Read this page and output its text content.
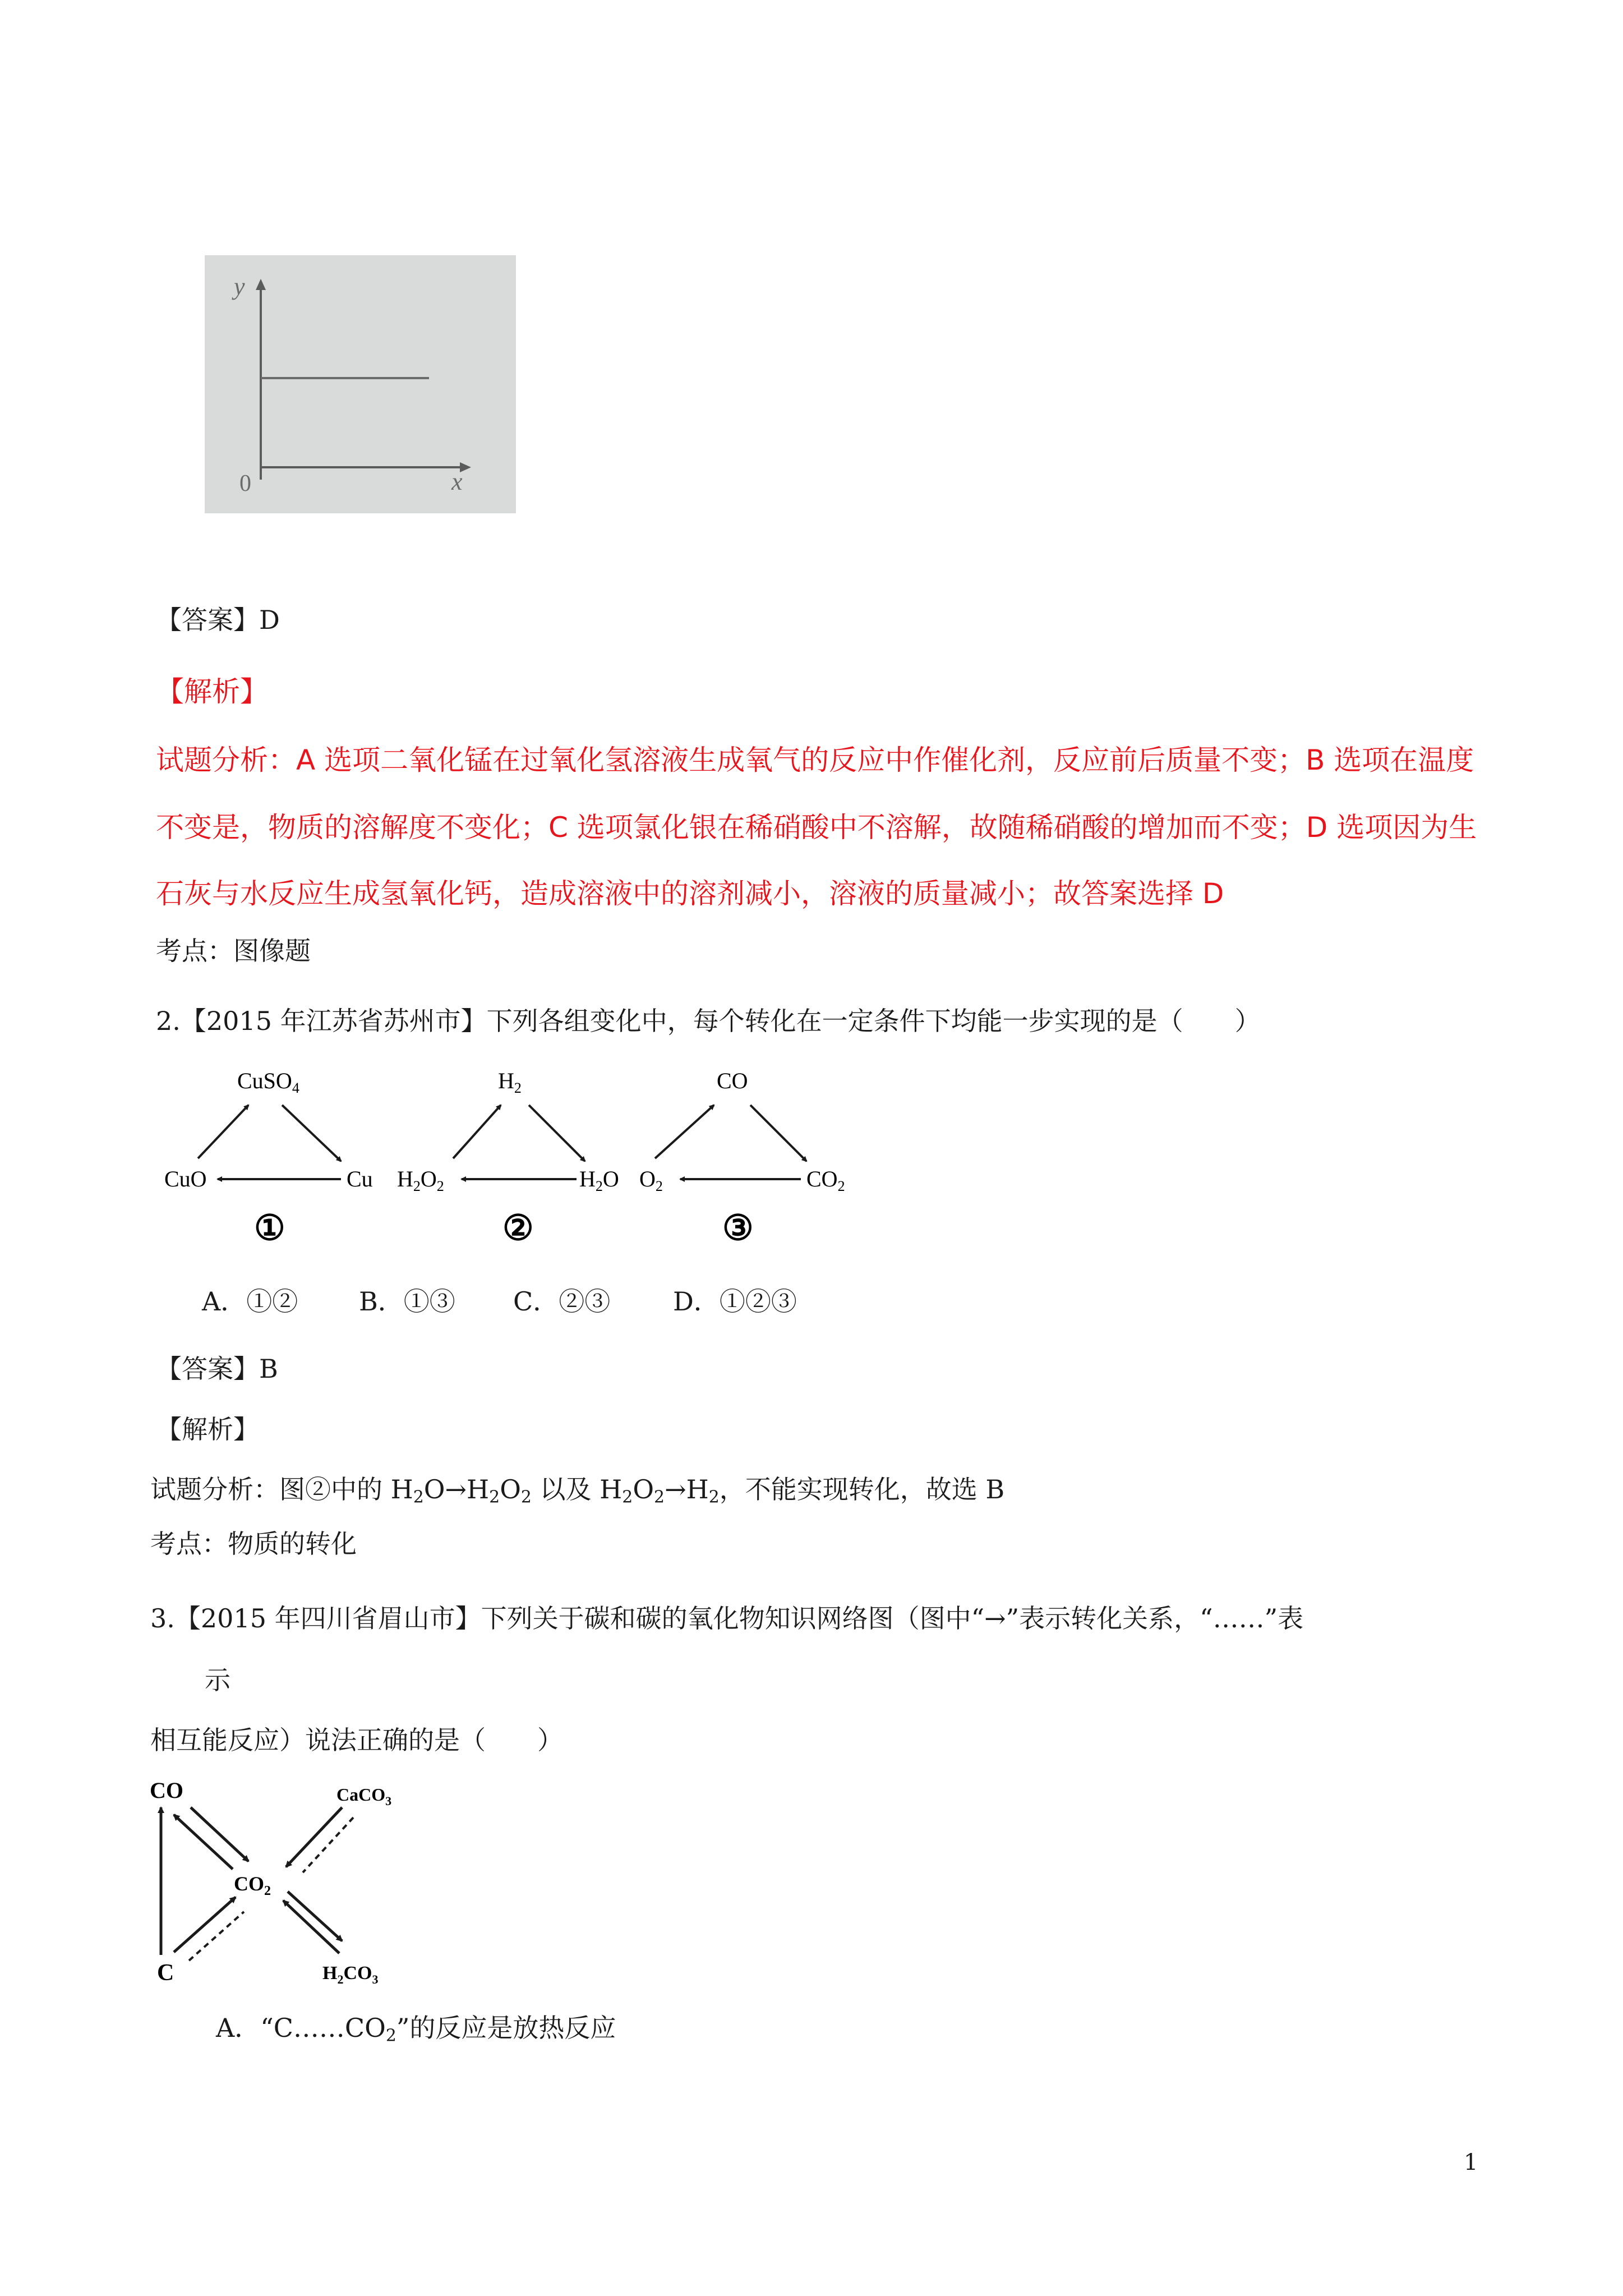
y
x
0
【答案】D
【解析】
试题分析：A 选项二氧化锰在过氧化氢溶液生成氧气的反应中作催化剂，反应前后质量不变；B 选项在温度
不变是，物质的溶解度不变化；C 选项氯化银在稀硝酸中不溶解，故随稀硝酸的增加而不变；D 选项因为生
石灰与水反应生成氢氧化钙，造成溶液中的溶剂减小，溶液的质量减小；故答案选择 D
考点：图像题
2.【2015 年江苏省苏州市】下列各组变化中，每个转化在一定条件下均能一步实现的是（　　）
CuSO$_4$
CuO	Cu
①
$H_2$
$H_2O_2$	$H_2O$
②
CO
$O_2$	$CO_2$
③
A．①② B．①③ C．②③ D．①②③
【答案】B
【解析】
试题分析：图②中的 $H_2O\to H_2O_2$ 以及 $H_2O_2\to H_2$，不能实现转化，故选 B
考点：物质的转化
3.【2015 年四川省眉山市】下列关于碳和碳的氧化物知识网络图（图中“→”表示转化关系，“……”表
示
相互能反应）说法正确的是（　　）
CO
$CO_2$
CaCO$_3$
$H_2CO_3$
C
A．“$C\dots\dots CO_2$”的反应是放热反应
1
